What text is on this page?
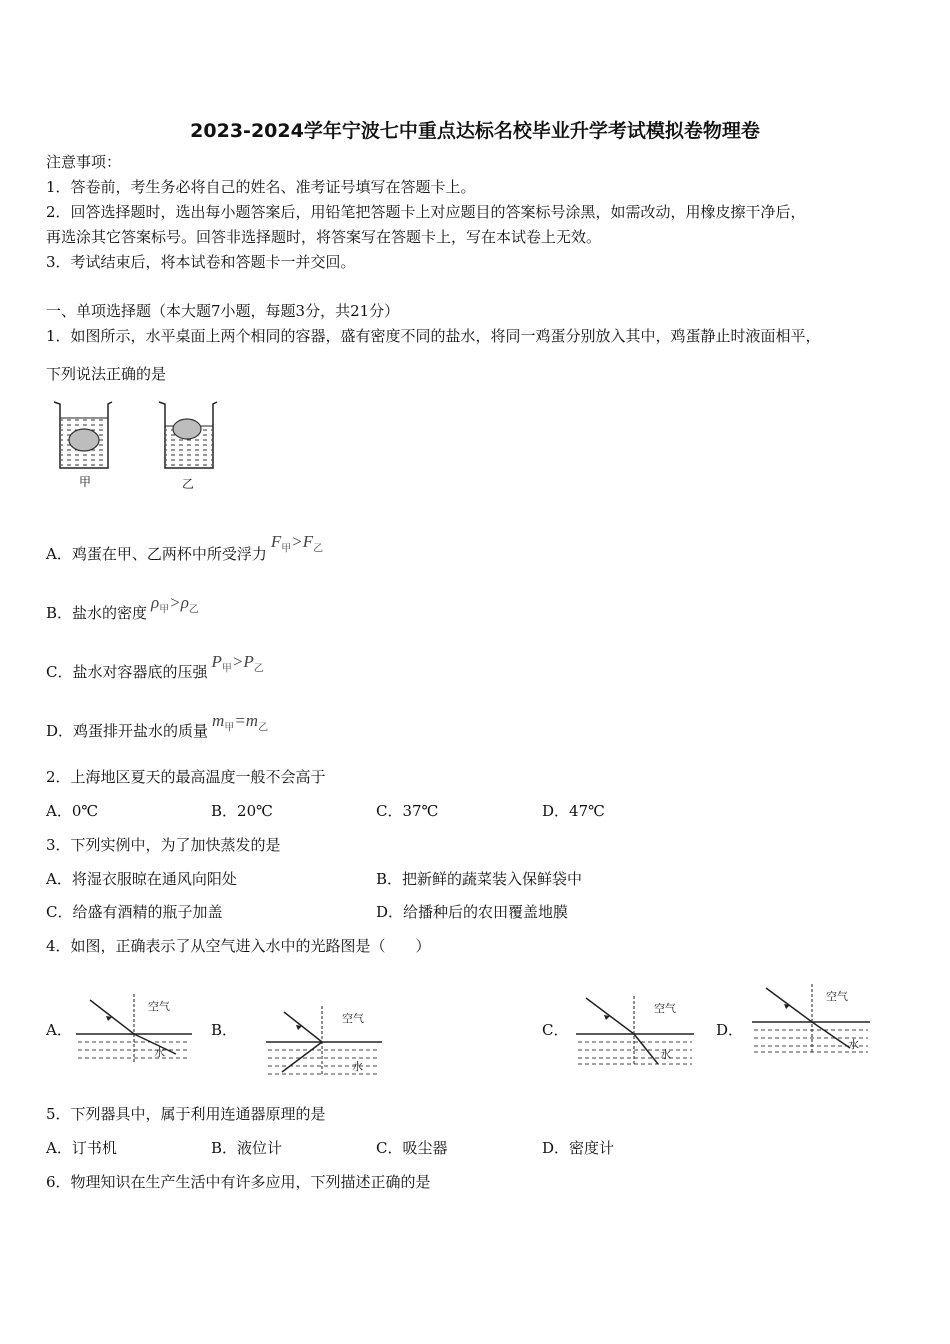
2023-2024学年宁波七中重点达标名校毕业升学考试模拟卷物理卷
注意事项：
1．答卷前，考生务必将自己的姓名、准考证号填写在答题卡上。
2．回答选择题时，选出每小题答案后，用铅笔把答题卡上对应题目的答案标号涂黑，如需改动，用橡皮擦干净后，
再选涂其它答案标号。回答非选择题时，将答案写在答题卡上，写在本试卷上无效。
3．考试结束后，将本试卷和答题卡一并交回。
一、单项选择题（本大题7小题，每题3分，共21分）
1．如图所示，水平桌面上两个相同的容器，盛有密度不同的盐水，将同一鸡蛋分别放入其中，鸡蛋静止时液面相平，
下列说法正确的是
甲	乙
A．鸡蛋在甲、乙两杯中所受浮力$F_甲>F_乙$
B．盐水的密度$\rho_甲>\rho_乙$
C．盐水对容器底的压强$P_甲>P_乙$
D．鸡蛋排开盐水的质量$m_甲=m_乙$
2．上海地区夏天的最高温度一般不会高于
A．0℃	B．20℃	C．37℃	D．47℃
3．下列实例中，为了加快蒸发的是
A．将湿衣服晾在通风向阳处	B．把新鲜的蔬菜装入保鲜袋中
C．给盛有酒精的瓶子加盖	D．给播种后的农田覆盖地膜
4．如图，正确表示了从空气进入水中的光路图是（　　）
A．	B．	C．	D．
空气
水
空气
水
空气
水
空气
水
5．下列器具中，属于利用连通器原理的是
A．订书机	B．液位计	C．吸尘器	D．密度计
6．物理知识在生产生活中有许多应用，下列描述正确的是
